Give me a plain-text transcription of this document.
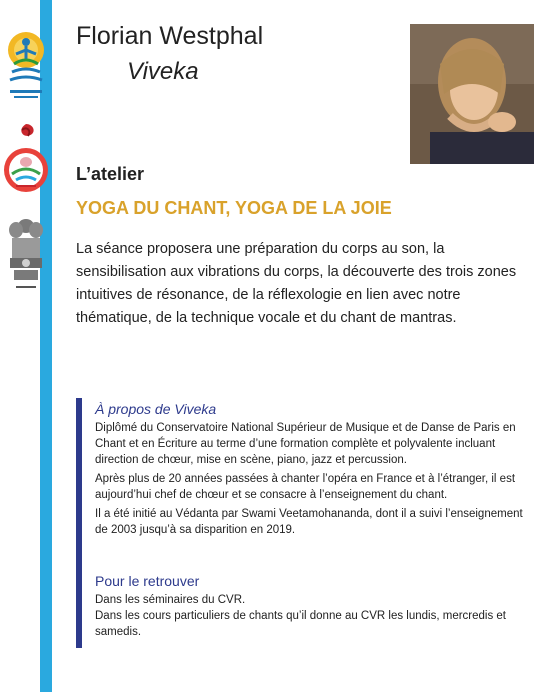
Florian Westphal
Viveka
L’atelier
YOGA DU CHANT, YOGA DE LA JOIE
La séance proposera une préparation du corps au son, la sensibilisation aux vibrations du corps, la découverte des trois zones intuitives de résonance, de la réflexologie en lien avec notre thématique, de la technique vocale et du chant de mantras.
À propos de Viveka
Diplômé du Conservatoire National Supérieur de Musique et de Danse de Paris en Chant et en Écriture au terme d’une formation complète et polyvalente incluant direction de chœur, mise en scène, piano, jazz et percussion.
Après plus de 20 années passées à chanter l’opéra en France et à l’étranger, il est aujourd’hui chef de chœur et se consacre à l’enseignement du chant.
Il a été initié au Védanta par Swami Veetamohananda, dont il a suivi l’enseignement de 2003 jusqu’à sa disparition en 2019.
Pour le retrouver
Dans les séminaires du CVR.
Dans les cours particuliers de chants qu’il donne au CVR les lundis, mercredis et samedis.
